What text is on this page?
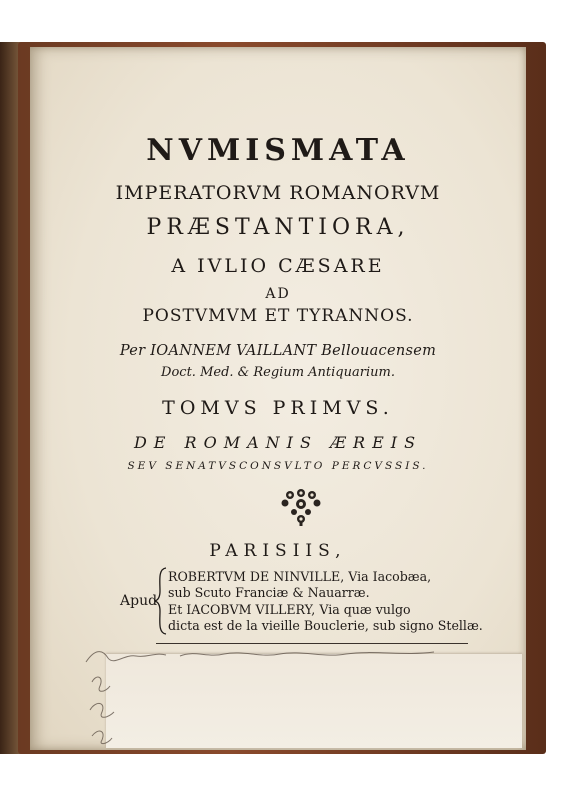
NVMISMATA
IMPERATORVM ROMANORVM
PRÆSTANTIORA,
A IVLIO CÆSARE
AD
POSTVMVM ET TYRANNOS.
Per IOANNEM VAILLANT Bellouacensem
Doct. Med. & Regium Antiquarium.
TOMVS PRIMVS.
DE ROMANIS ÆREIS
SEV SENATVSCONSVLTO PERCVSSIS.
PARISIIS,
Apud
ROBERTVM DE NINVILLE, Via Iacobæa,
sub Scuto Franciæ & Nauarræ.
Et IACOBVM VILLERY, Via quæ vulgo
dicta est de la vieille Bouclerie, sub signo Stellæ.
